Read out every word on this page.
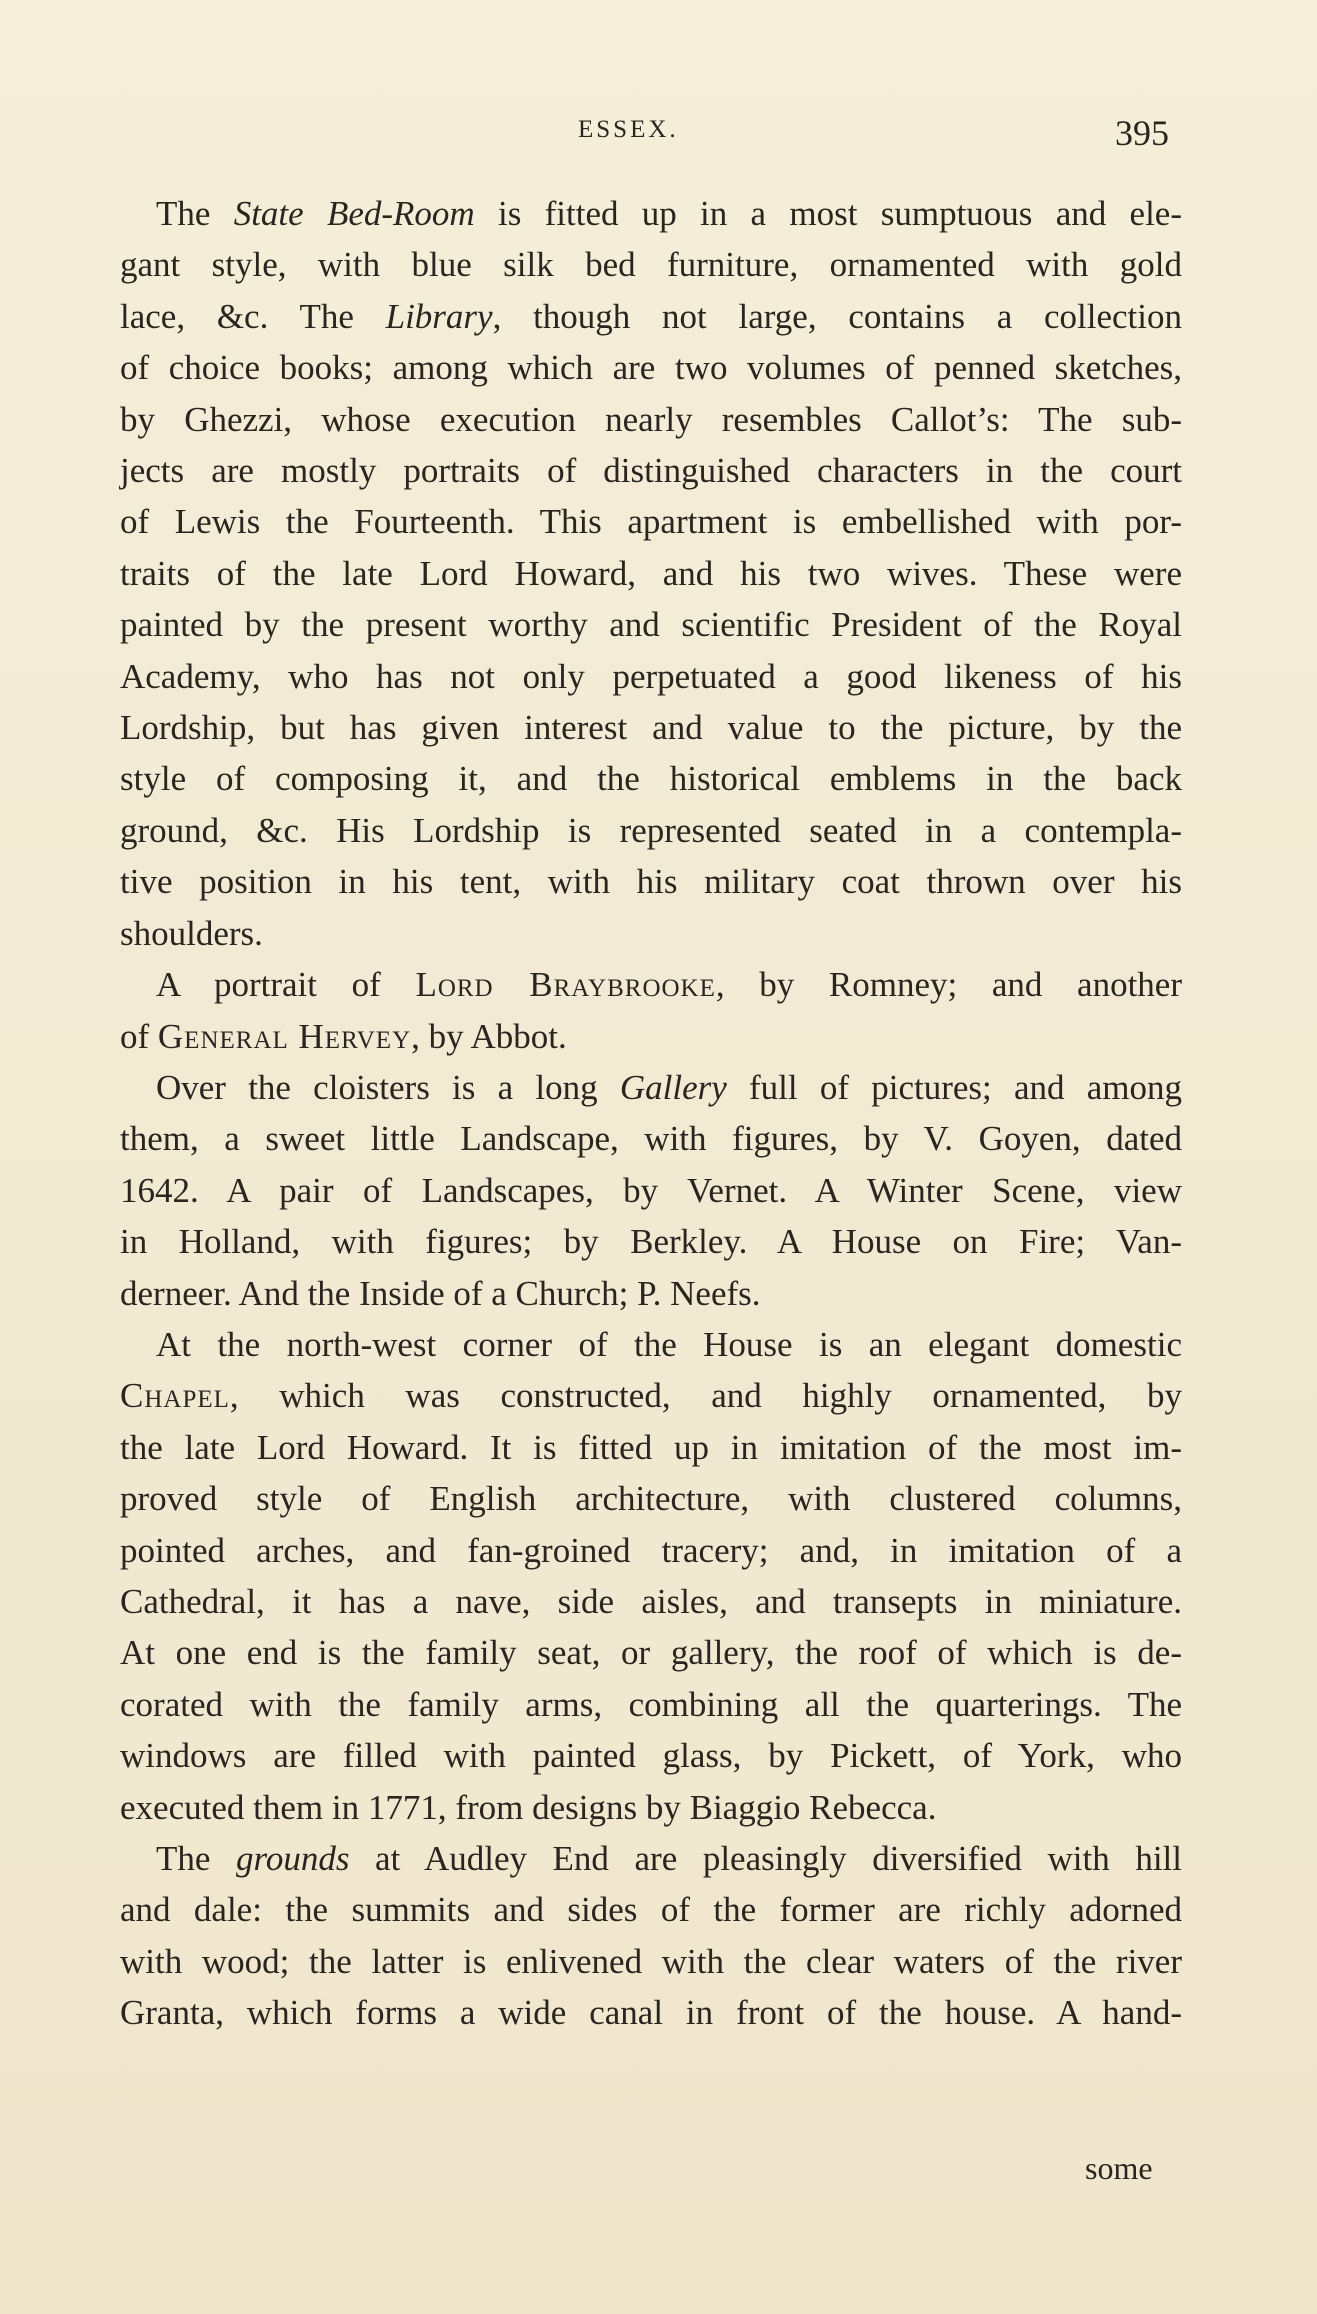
ESSEX.	395

The State Bed-Room is fitted up in a most sumptuous and ele-

gant style, with blue silk bed furniture, ornamented with gold

lace, &c. The Library, though not large, contains a collection

of choice books; among which are two volumes of penned sketches,

by Ghezzi, whose execution nearly resembles Callot’s: The sub-

jects are mostly portraits of distinguished characters in the court

of Lewis the Fourteenth. This apartment is embellished with por-

traits of the late Lord Howard, and his two wives. These were

painted by the present worthy and scientific President of the Royal

Academy, who has not only perpetuated a good likeness of his

Lordship, but has given interest and value to the picture, by the

style of composing it, and the historical emblems in the back

ground, &c. His Lordship is represented seated in a contempla-

tive position in his tent, with his military coat thrown over his

shoulders.

A portrait of Lord Braybrooke, by Romney; and another

of General Hervey, by Abbot.

Over the cloisters is a long Gallery full of pictures; and among

them, a sweet little Landscape, with figures, by V. Goyen, dated

1642. A pair of Landscapes, by Vernet. A Winter Scene, view

in Holland, with figures; by Berkley. A House on Fire; Van-

derneer. And the Inside of a Church; P. Neefs.

At the north-west corner of the House is an elegant domestic

Chapel, which was constructed, and highly ornamented, by

the late Lord Howard. It is fitted up in imitation of the most im-

proved style of English architecture, with clustered columns,

pointed arches, and fan-groined tracery; and, in imitation of a

Cathedral, it has a nave, side aisles, and transepts in miniature.

At one end is the family seat, or gallery, the roof of which is de-

corated with the family arms, combining all the quarterings. The

windows are filled with painted glass, by Pickett, of York, who

executed them in 1771, from designs by Biaggio Rebecca.

The grounds at Audley End are pleasingly diversified with hill

and dale: the summits and sides of the former are richly adorned

with wood; the latter is enlivened with the clear waters of the river

Granta, which forms a wide canal in front of the house. A hand-

some
